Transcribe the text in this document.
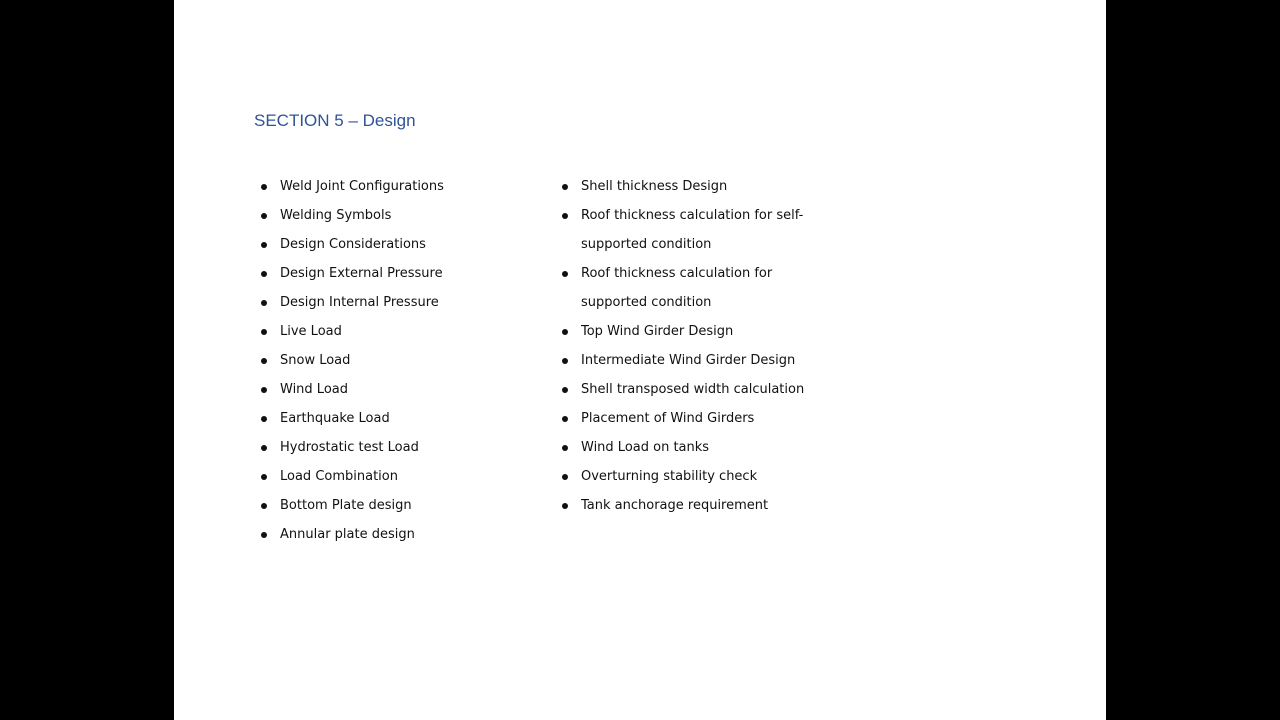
SECTION 5 – Design
Weld Joint Configurations
Welding Symbols
Design Considerations
Design External Pressure
Design Internal Pressure
Live Load
Snow Load
Wind Load
Earthquake Load
Hydrostatic test Load
Load Combination
Bottom Plate design
Annular plate design
Shell thickness Design
Roof thickness calculation for self-supported condition
Roof thickness calculation for supported condition
Top Wind Girder Design
Intermediate Wind Girder Design
Shell transposed width calculation
Placement of Wind Girders
Wind Load on tanks
Overturning stability check
Tank anchorage requirement
